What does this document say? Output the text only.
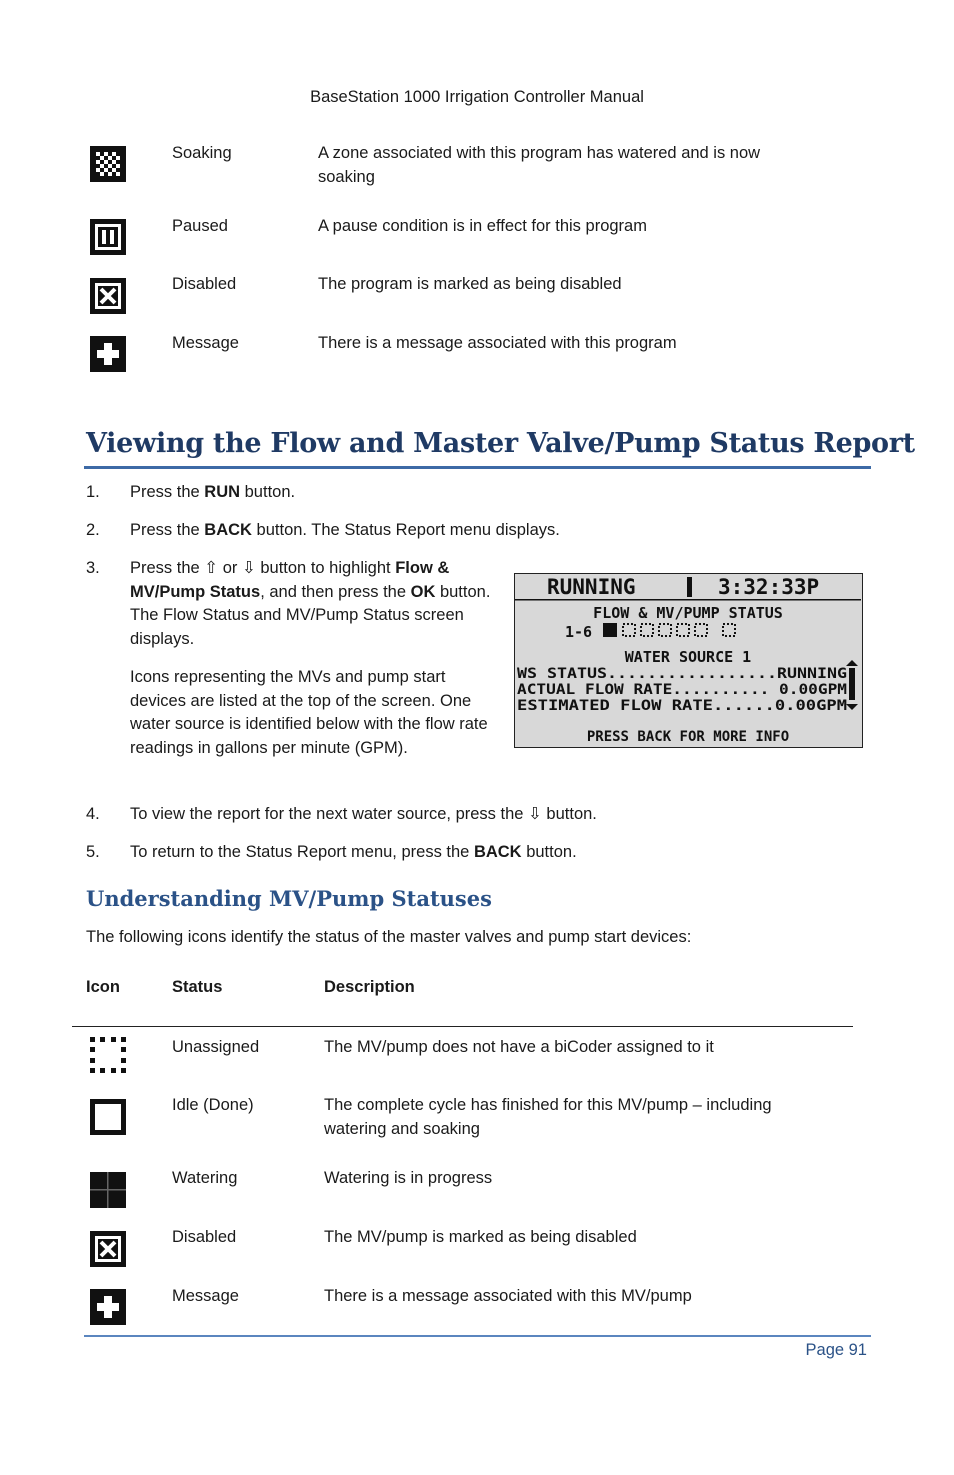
BaseStation 1000 Irrigation Controller Manual
Soaking	A zone associated with this program has watered and is now soaking
Paused	A pause condition is in effect for this program
Disabled	The program is marked as being disabled
Message	There is a message associated with this program
Viewing the Flow and Master Valve/Pump Status Report
1. Press the RUN button.
2. Press the BACK button. The Status Report menu displays.
3. Press the ⇧ or ⇩ button to highlight Flow & MV/Pump Status, and then press the OK button. The Flow Status and MV/Pump Status screen displays.
Icons representing the MVs and pump start devices are listed at the top of the screen. One water source is identified below with the flow rate readings in gallons per minute (GPM).
RUNNING	3:32:33P
FLOW & MV/PUMP STATUS
1-6
WATER SOURCE 1
WS STATUS.................RUNNING
ACTUAL FLOW RATE.......... 0.00GPM
ESTIMATED FLOW RATE......0.00GPM
PRESS BACK FOR MORE INFO
4. To view the report for the next water source, press the ⇩ button.
5. To return to the Status Report menu, press the BACK button.
Understanding MV/Pump Statuses
The following icons identify the status of the master valves and pump start devices:
Icon	Status	Description
Unassigned	The MV/pump does not have a biCoder assigned to it
Idle (Done)	The complete cycle has finished for this MV/pump – including watering and soaking
Watering	Watering is in progress
Disabled	The MV/pump is marked as being disabled
Message	There is a message associated with this MV/pump
Page 91
